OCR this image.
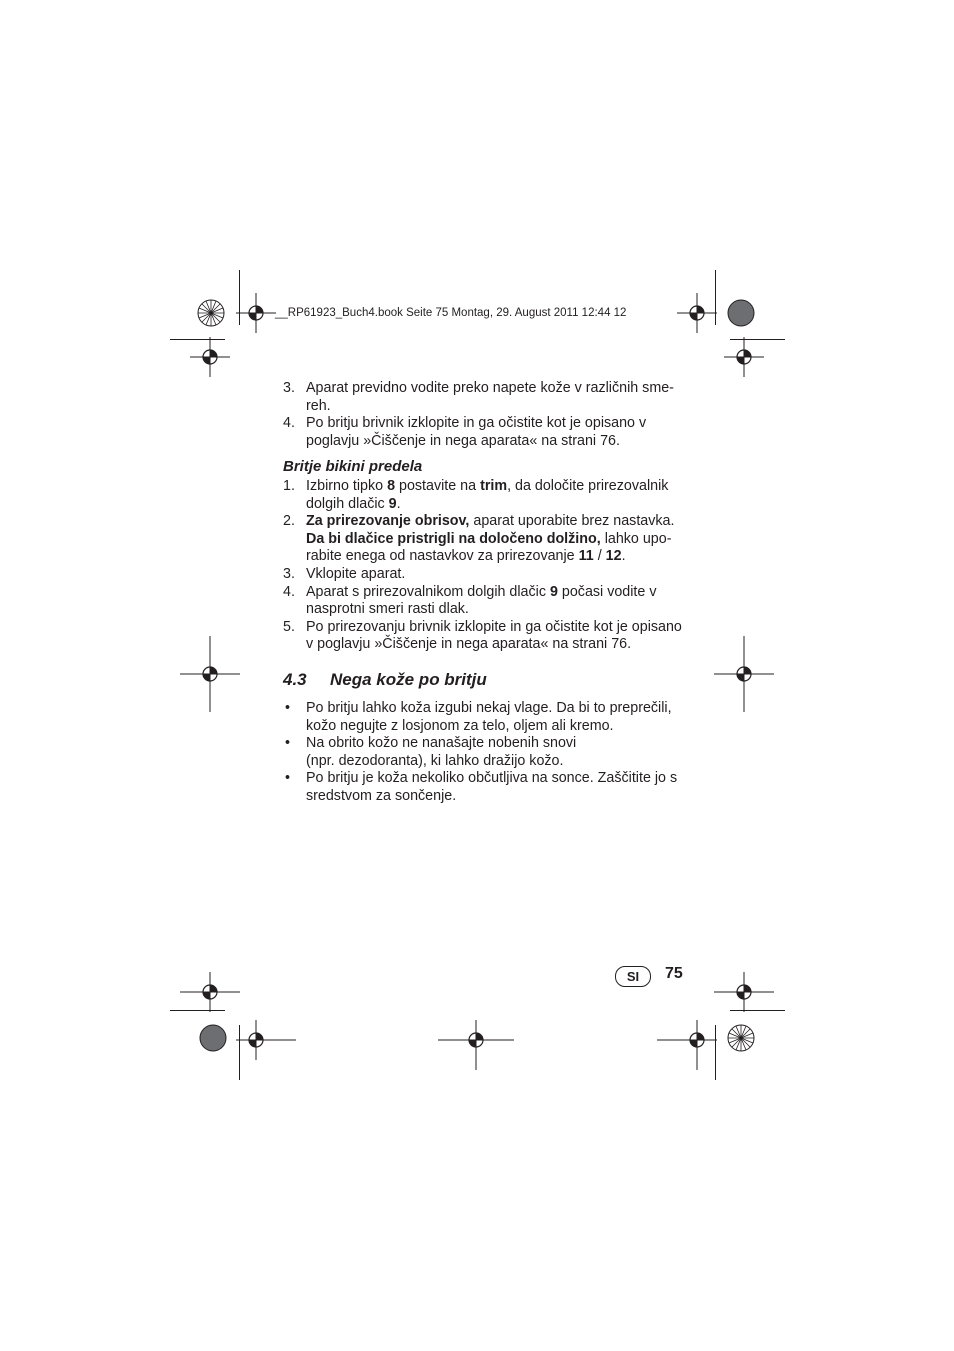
__RP61923_Buch4.book Seite 75 Montag, 29. August 2011 12:44 12
3. Aparat previdno vodite preko napete kože v različnih sme-
reh.
4. Po britju brivnik izklopite in ga očistite kot je opisano v
poglavju »Čiščenje in nega aparata« na strani 76.
Britje bikini predela
1. Izbirno tipko 8 postavite na trim, da določite prirezovalnik
dolgih dlačic 9.
2. Za prirezovanje obrisov, aparat uporabite brez nastavka.
Da bi dlačice pristrigli na določeno dolžino, lahko upo-
rabite enega od nastavkov za prirezovanje 11 / 12.
3. Vklopite aparat.
4. Aparat s prirezovalnikom dolgih dlačic 9 počasi vodite v
nasprotni smeri rasti dlak.
5. Po prirezovanju brivnik izklopite in ga očistite kot je opisano
v poglavju »Čiščenje in nega aparata« na strani 76.
4.3 Nega kože po britju
• Po britju lahko koža izgubi nekaj vlage. Da bi to preprečili,
kožo negujte z losjonom za telo, oljem ali kremo.
• Na obrito kožo ne nanašajte nobenih snovi
(npr. dezodoranta), ki lahko dražijo kožo.
• Po britju je koža nekoliko občutljiva na sonce. Zaščitite jo s
sredstvom za sončenje.
SI	75
